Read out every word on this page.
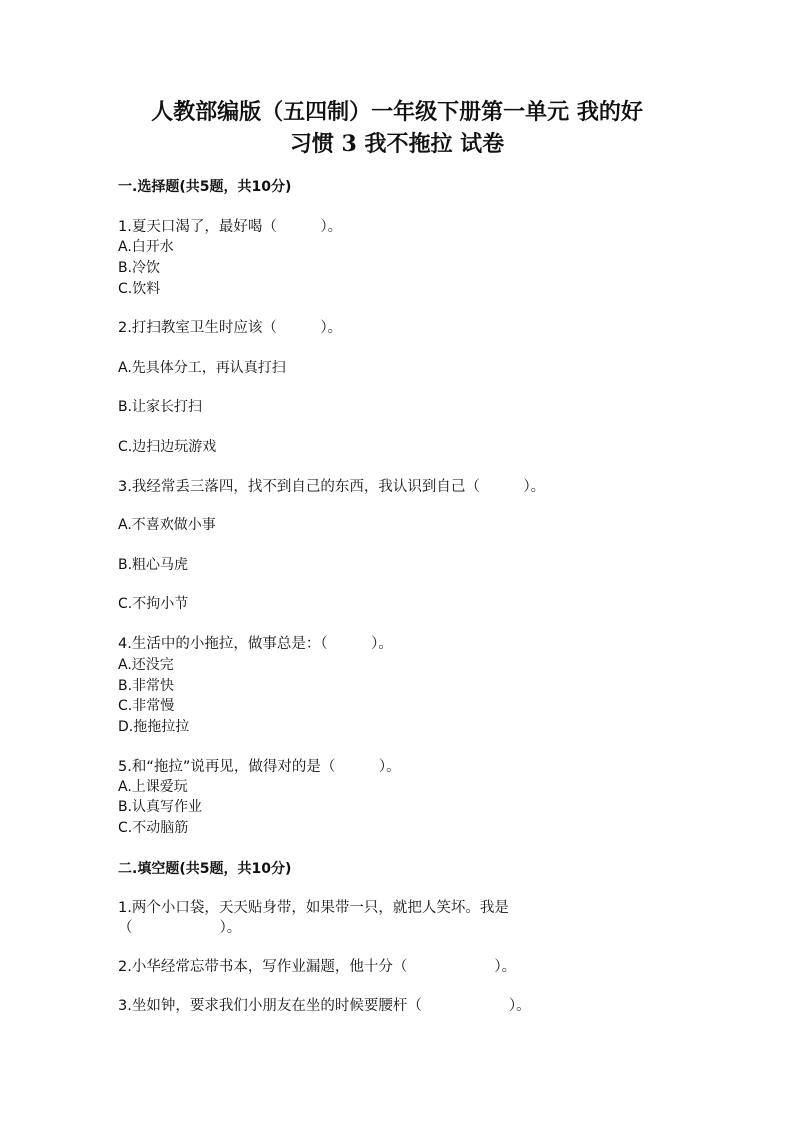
人教部编版（五四制）一年级下册第一单元 我的好
习惯 3 我不拖拉 试卷
一.选择题(共5题，共10分)
1.夏天口渴了，最好喝（　　　）。
A.白开水
B.冷饮
C.饮料
2.打扫教室卫生时应该（　　　）。
A.先具体分工，再认真打扫
B.让家长打扫
C.边扫边玩游戏
3.我经常丢三落四，找不到自己的东西，我认识到自己（　　　）。
A.不喜欢做小事
B.粗心马虎
C.不拘小节
4.生活中的小拖拉，做事总是：（　　　）。
A.还没完
B.非常快
C.非常慢
D.拖拖拉拉
5.和“拖拉”说再见，做得对的是（　　　）。
A.上课爱玩
B.认真写作业
C.不动脑筋
二.填空题(共5题，共10分)
1.两个小口袋，天天贴身带，如果带一只，就把人笑坏。我是
（　　　　　　）。
2.小华经常忘带书本，写作业漏题，他十分（　　　　　　）。
3.坐如钟，要求我们小朋友在坐的时候要腰杆（　　　　　　）。
